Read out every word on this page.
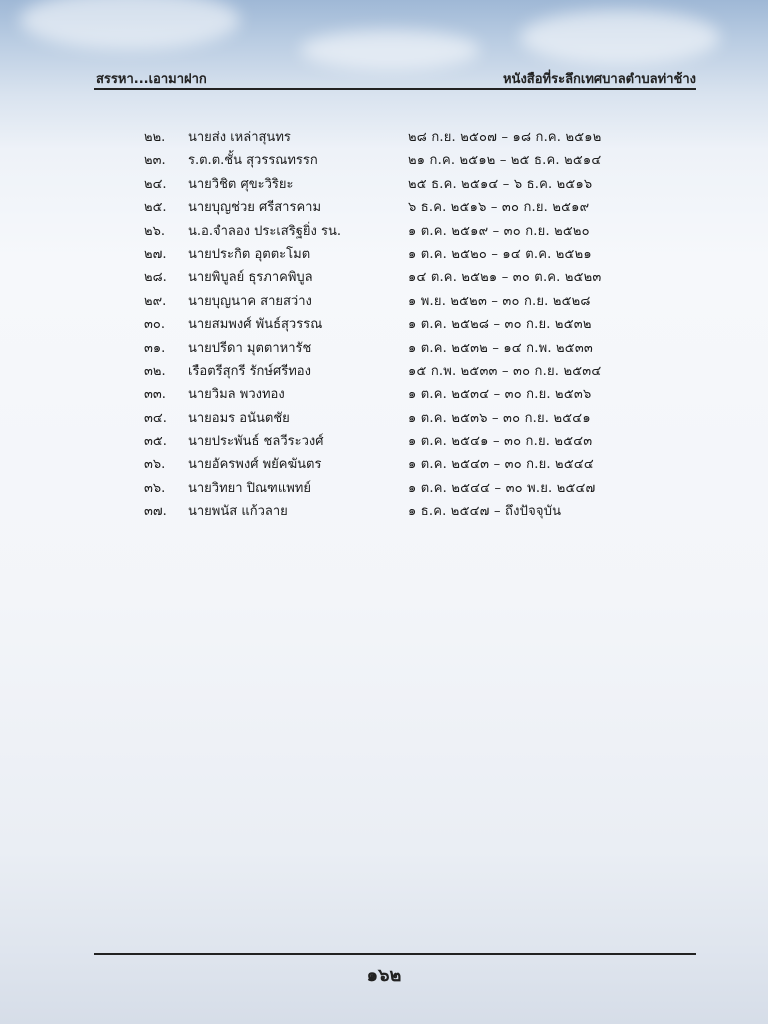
สรรหา...เอามาฝาก	หนังสือที่ระลึกเทศบาลตำบลท่าช้าง
๒๒. นายส่ง เหล่าสุนทร	๒๘ ก.ย. ๒๕๐๗ – ๑๘ ก.ค. ๒๕๑๒
๒๓. ร.ต.ต.ชั้น สุวรรณทรรก	๒๑ ก.ค. ๒๕๑๒ – ๒๕ ธ.ค. ๒๕๑๔
๒๔. นายวิชิต ศุขะวิริยะ	๒๕ ธ.ค. ๒๕๑๔ – ๖ ธ.ค. ๒๕๑๖
๒๕. นายบุญช่วย ศรีสารคาม	๖ ธ.ค. ๒๕๑๖ – ๓๐ ก.ย. ๒๕๑๙
๒๖. น.อ.จำลอง ประเสริฐยิ่ง รน.	๑ ต.ค. ๒๕๑๙ – ๓๐ ก.ย. ๒๕๒๐
๒๗. นายประกิต อุตตะโมต	๑ ต.ค. ๒๕๒๐ – ๑๔ ต.ค. ๒๕๒๑
๒๘. นายพิบูลย์ ธุรภาคพิบูล	๑๔ ต.ค. ๒๕๒๑ – ๓๐ ต.ค. ๒๕๒๓
๒๙. นายบุญนาค สายสว่าง	๑ พ.ย. ๒๕๒๓ – ๓๐ ก.ย. ๒๕๒๘
๓๐. นายสมพงศ์ พันธ์สุวรรณ	๑ ต.ค. ๒๕๒๘ – ๓๐ ก.ย. ๒๕๓๒
๓๑. นายปรีดา มุตตาหารัช	๑ ต.ค. ๒๕๓๒ – ๑๔ ก.พ. ๒๕๓๓
๓๒. เรือตรีสุกรี รักษ์ศรีทอง	๑๕ ก.พ. ๒๕๓๓ – ๓๐ ก.ย. ๒๕๓๔
๓๓. นายวิมล พวงทอง	๑ ต.ค. ๒๕๓๔ – ๓๐ ก.ย. ๒๕๓๖
๓๔. นายอมร อนันตชัย	๑ ต.ค. ๒๕๓๖ – ๓๐ ก.ย. ๒๕๔๑
๓๕. นายประพันธ์ ชลวีระวงศ์	๑ ต.ค. ๒๕๔๑ – ๓๐ ก.ย. ๒๕๔๓
๓๖. นายอัครพงศ์ พยัคฆันตร	๑ ต.ค. ๒๕๔๓ – ๓๐ ก.ย. ๒๕๔๔
๓๖. นายวิทยา ปิณฑแพทย์	๑ ต.ค. ๒๕๔๔ – ๓๐ พ.ย. ๒๕๔๗
๓๗. นายพนัส แก้วลาย	๑ ธ.ค. ๒๕๔๗ – ถึงปัจจุบัน
๑๖๒
